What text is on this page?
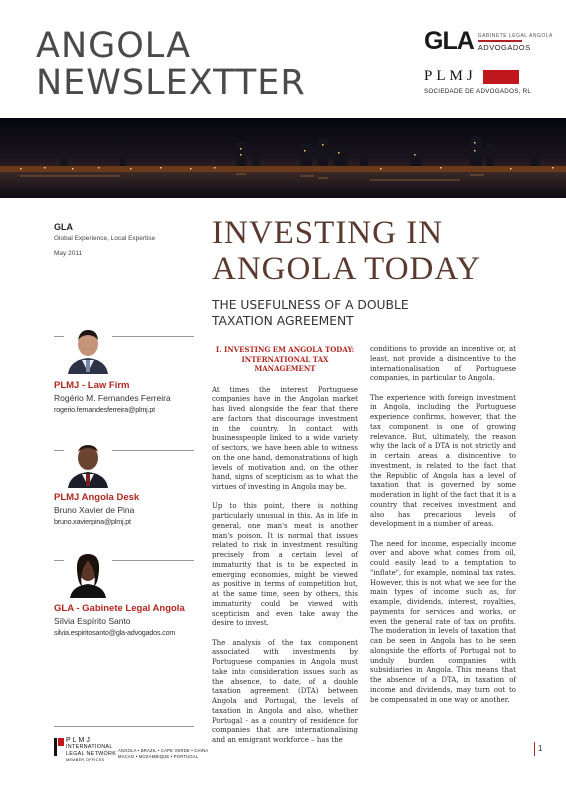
ANGOLA
NEWSLEXTTER
GLA GABINETE LEGAL ANGOLA
ADVOGADOS
PLMJ
SOCIEDADE DE ADVOGADOS, RL
GLA
Global Experience, Local Expertise
May 2011
INVESTING IN
ANGOLA TODAY
THE USEFULNESS OF A DOUBLE
TAXATION AGREEMENT
PLMJ - Law Firm
Rogério M. Fernandes Ferreira
rogerio.fernandesferreira@plmj.pt
PLMJ Angola Desk
Bruno Xavier de Pina
bruno.xavierpina@plmj.pt
GLA - Gabinete Legal Angola
Sílvia Espírito Santo
silvia.espiritosanto@gla-advogados.com
I. INVESTING EM ANGOLA TODAY:
INTERNATIONAL TAX MANAGEMENT

At times the interest Portuguese companies have in the Angolan market has lived alongside the fear that there are factors that discourage investment in the country. In contact with businesspeople linked to a wide variety of sectors, we have been able to witness on the one hand, demonstrations of high levels of motivation and, on the other hand, signs of scepticism as to what the virtues of investing in Angola may be.

Up to this point, there is nothing particularly unusual in this. As in life in general, one man's meat is another man's poison. It is normal that issues related to risk in investment resulting precisely from a certain level of immaturity that is to be expected in emerging economies, might be viewed as positive in terms of competition but, at the same time, seen by others, this immaturity could be viewed with scepticism and even take away the desire to invest.

The analysis of the tax component associated with investments by Portuguese companies in Angola must take into consideration issues such as the absence, to date, of a double taxation agreement (DTA) between Angola and Portugal, the levels of taxation in Angola and also, whether Portugal - as a country of residence for companies that are internationalising and an emigrant workforce – has the

conditions to provide an incentive or, at least, not provide a disincentive to the internationalisation of Portuguese companies, in particular to Angola.

The experience with foreign investment in Angola, including the Portuguese experience confirms, however, that the tax component is one of growing relevance. But, ultimately, the reason why the lack of a DTA is not strictly and in certain areas a disincentive to investment, is related to the fact that the Republic of Angola has a level of taxation that is governed by some moderation in light of the fact that it is a country that receives investment and also has precarious levels of development in a number of areas.

The need for income, especially income over and above what comes from oil, could easily lead to a temptation to "inflate", for example, nominal tax rates. However, this is not what we see for the main types of income such as, for example, dividends, interest, royalties, payments for services and works, or even the general rate of tax on profits. The moderation in levels of taxation that can be seen in Angola has to be seen alongside the efforts of Portugal not to unduly burden companies with subsidiaries in Angola. This means that the absence of a DTA, in taxation of income and dividends, may turn out to be compensated in one way or another.

PLMJ
INTERNATIONAL
LEGAL NETWORK
MEMBER OFFICES
ANGOLA • BRAZIL • CAPE VERDE • CHINA
MACAO • MOZAMBIQUE • PORTUGAL
1
